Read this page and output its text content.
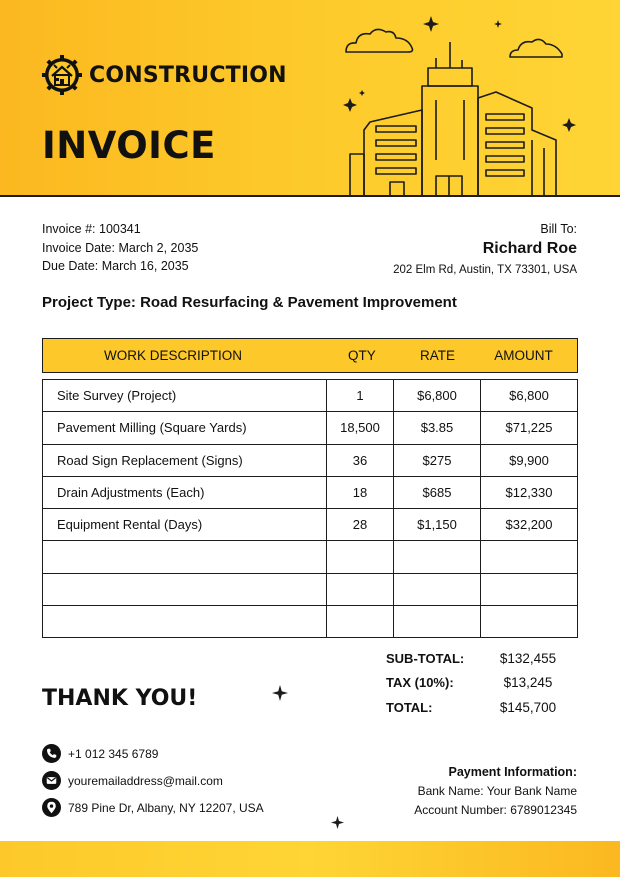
CONSTRUCTION
INVOICE
Invoice #: 100341
Invoice Date: March 2, 2035
Due Date: March 16, 2035
Bill To:
Richard Roe
202 Elm Rd, Austin, TX 73301, USA
Project Type: Road Resurfacing & Pavement Improvement
WORK DESCRIPTION	QTY	RATE	AMOUNT
Site Survey (Project)	1	$6,800	$6,800
Pavement Milling (Square Yards)	18,500	$3.85	$71,225
Road Sign Replacement (Signs)	36	$275	$9,900
Drain Adjustments (Each)	18	$685	$12,330
Equipment Rental (Days)	28	$1,150	$32,200

SUB-TOTAL:	$132,455
TAX (10%):	$13,245
TOTAL:	$145,700
THANK YOU!
+1 012 345 6789
youremailaddress@mail.com
789 Pine Dr, Albany, NY 12207, USA
Payment Information:
Bank Name: Your Bank Name
Account Number: 6789012345
